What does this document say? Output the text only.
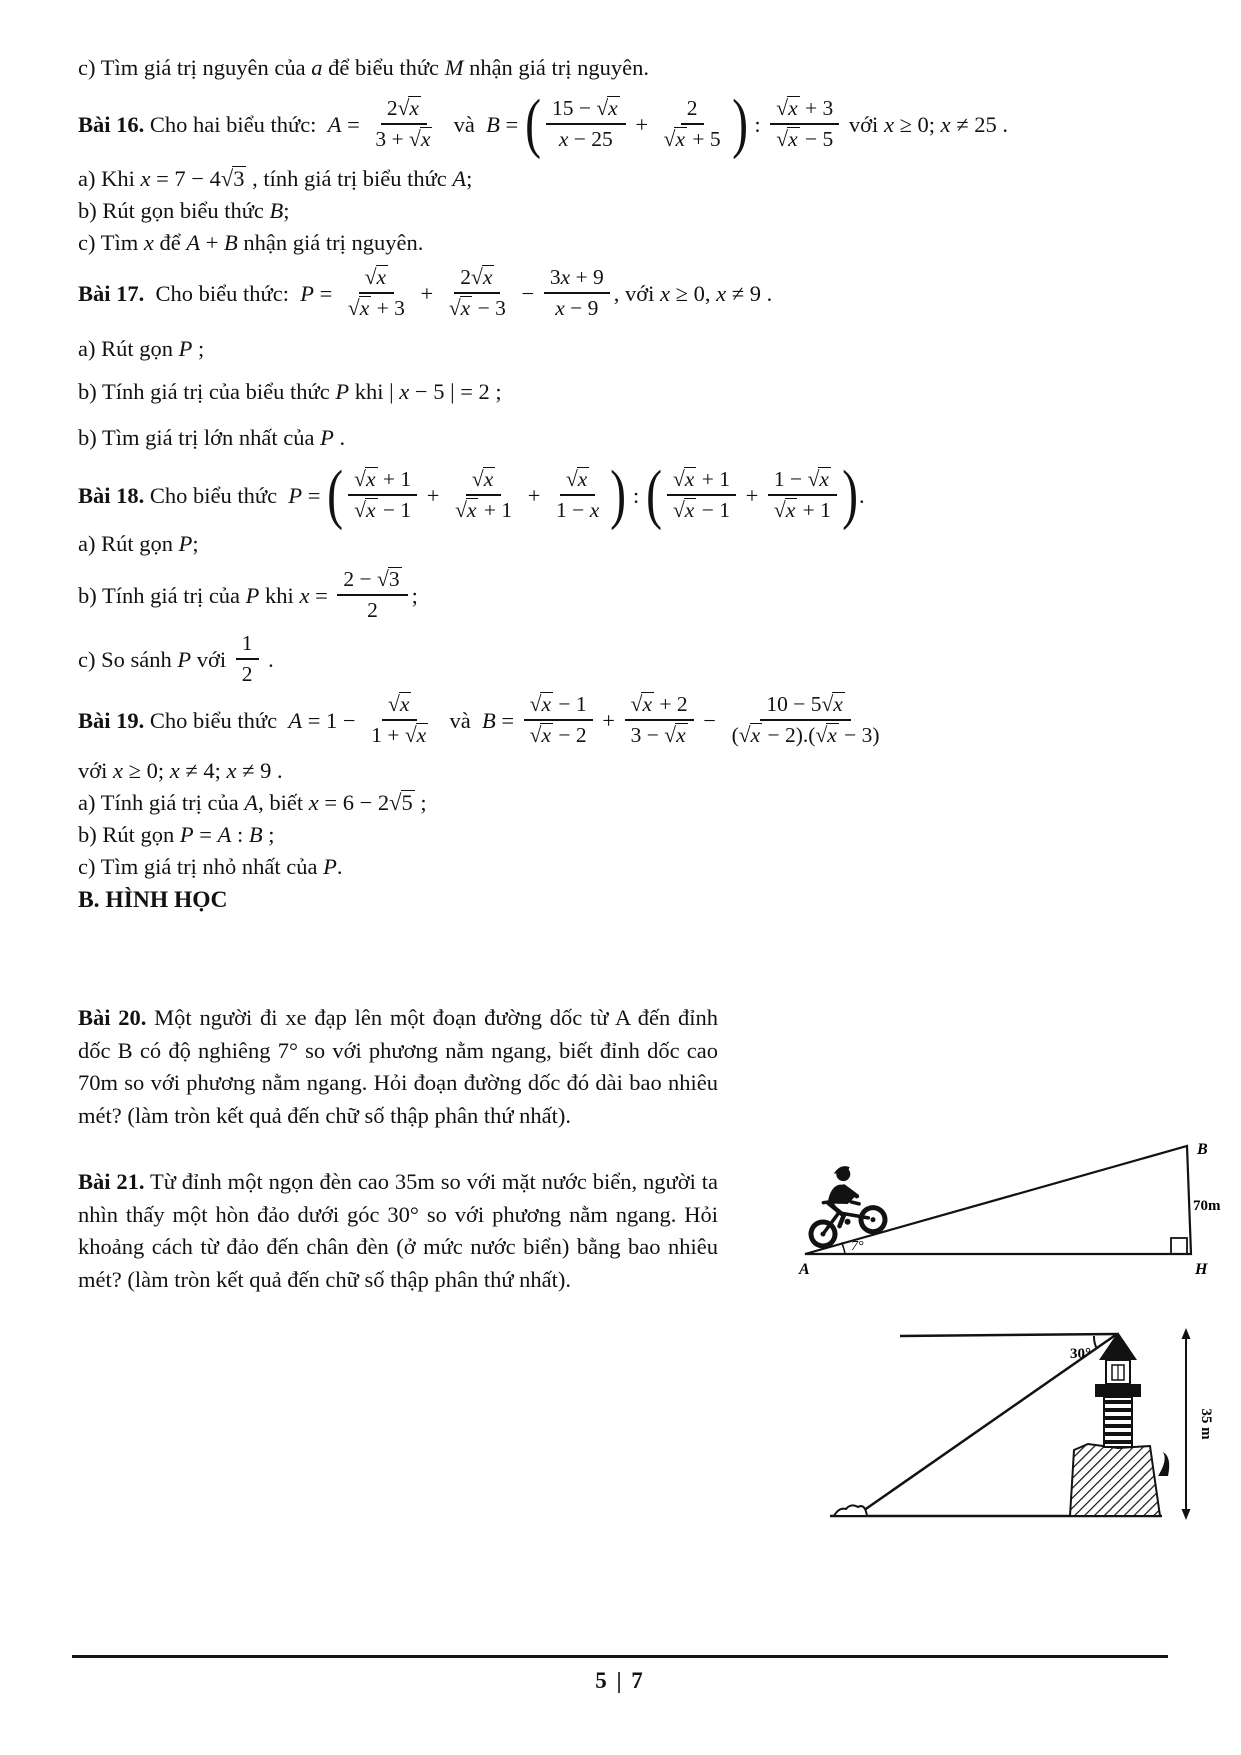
c) Tìm giá trị nguyên của a để biểu thức M nhận giá trị nguyên.
Bài 16. Cho hai biểu thức: $A = \frac{2√x}{3 + √x}$ và B = ( $\frac{15 - √x}{x - 25} + \frac{2}{√x + 5}$ ) : $\frac{√x + 3}{√x - 5}$ với x ≥ 0; x ≠ 25 .
a) Khi x = 7 − 4√3 , tính giá trị biểu thức A ;
b) Rút gọn biểu thức B ;
c) Tìm x để A + B nhận giá trị nguyên.
Bài 17. Cho biểu thức: $P = \frac{√x}{√x + 3} + \frac{2√x}{√x - 3} - \frac{3x + 9}{x - 9}$ , với x ≥ 0, x ≠ 9 .
a) Rút gọn P ;
b) Tính giá trị của biểu thức P khi | x − 5 | = 2 ;
b) Tìm giá trị lớn nhất của P .
Bài 18. Cho biểu thức P = ( $\frac{√x + 1}{√x - 1} + \frac{√x}{√x + 1} + \frac{√x}{1 - x}$ ) : ( $\frac{√x + 1}{√x - 1} + \frac{1 - √x}{√x + 1}$ ) .
a) Rút gọn P ;
b) Tính giá trị của P khi $x = \frac{2 - √3}{2}$ ;
c) So sánh P với $\frac{1}{2}$ .
Bài 19. Cho biểu thức $A = 1 - \frac{√x}{1 + √x}$ và $B = \frac{√x - 1}{√x - 2} + \frac{√x + 2}{3 - √x} - \frac{10 - 5√x}{(√x - 2).(√x - 3)}$
với x ≥ 0; x ≠ 4; x ≠ 9 .
a) Tính giá trị của A , biết x = 6 − 2√5 ;
b) Rút gọn P = A : B ;
c) Tìm giá trị nhỏ nhất của P .
B. HÌNH HỌC
Bài 20. Một người đi xe đạp lên một đoạn đường dốc từ A đến đỉnh dốc B có độ nghiêng 7° so với phương nằm ngang, biết đỉnh dốc cao 70m so với phương nằm ngang. Hỏi đoạn đường dốc đó dài bao nhiêu mét? (làm tròn kết quả đến chữ số thập phân thứ nhất).
Bài 21. Từ đỉnh một ngọn đèn cao 35m so với mặt nước biển, người ta nhìn thấy một hòn đảo dưới góc 30° so với phương nằm ngang. Hỏi khoảng cách từ đảo đến chân đèn (ở mức nước biển) bằng bao nhiêu mét? (làm tròn kết quả đến chữ số thập phân thứ nhất).
B
70m
H
A
7°
30°
35 m
5 | 7
